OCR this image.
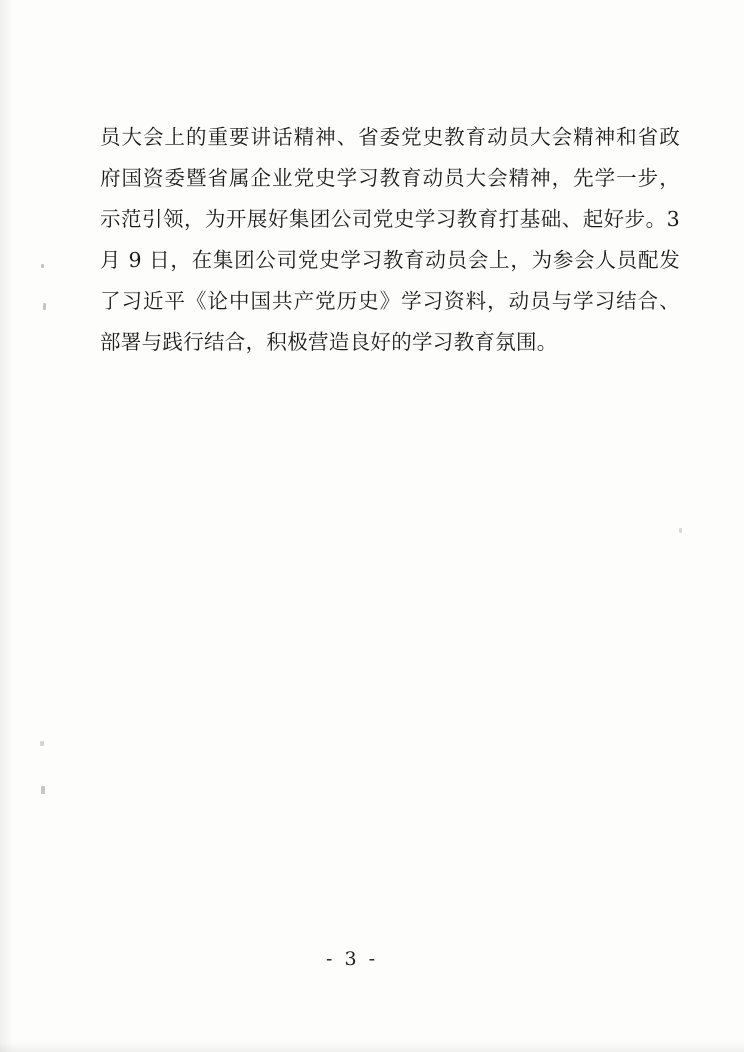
员大会上的重要讲话精神、省委党史教育动员大会精神和省政府国资委暨省属企业党史学习教育动员大会精神，先学一步，示范引领，为开展好集团公司党史学习教育打基础、起好步。3 月 9 日，在集团公司党史学习教育动员会上，为参会人员配发了习近平《论中国共产党历史》学习资料，动员与学习结合、部署与践行结合，积极营造良好的学习教育氛围。

- 3 -
